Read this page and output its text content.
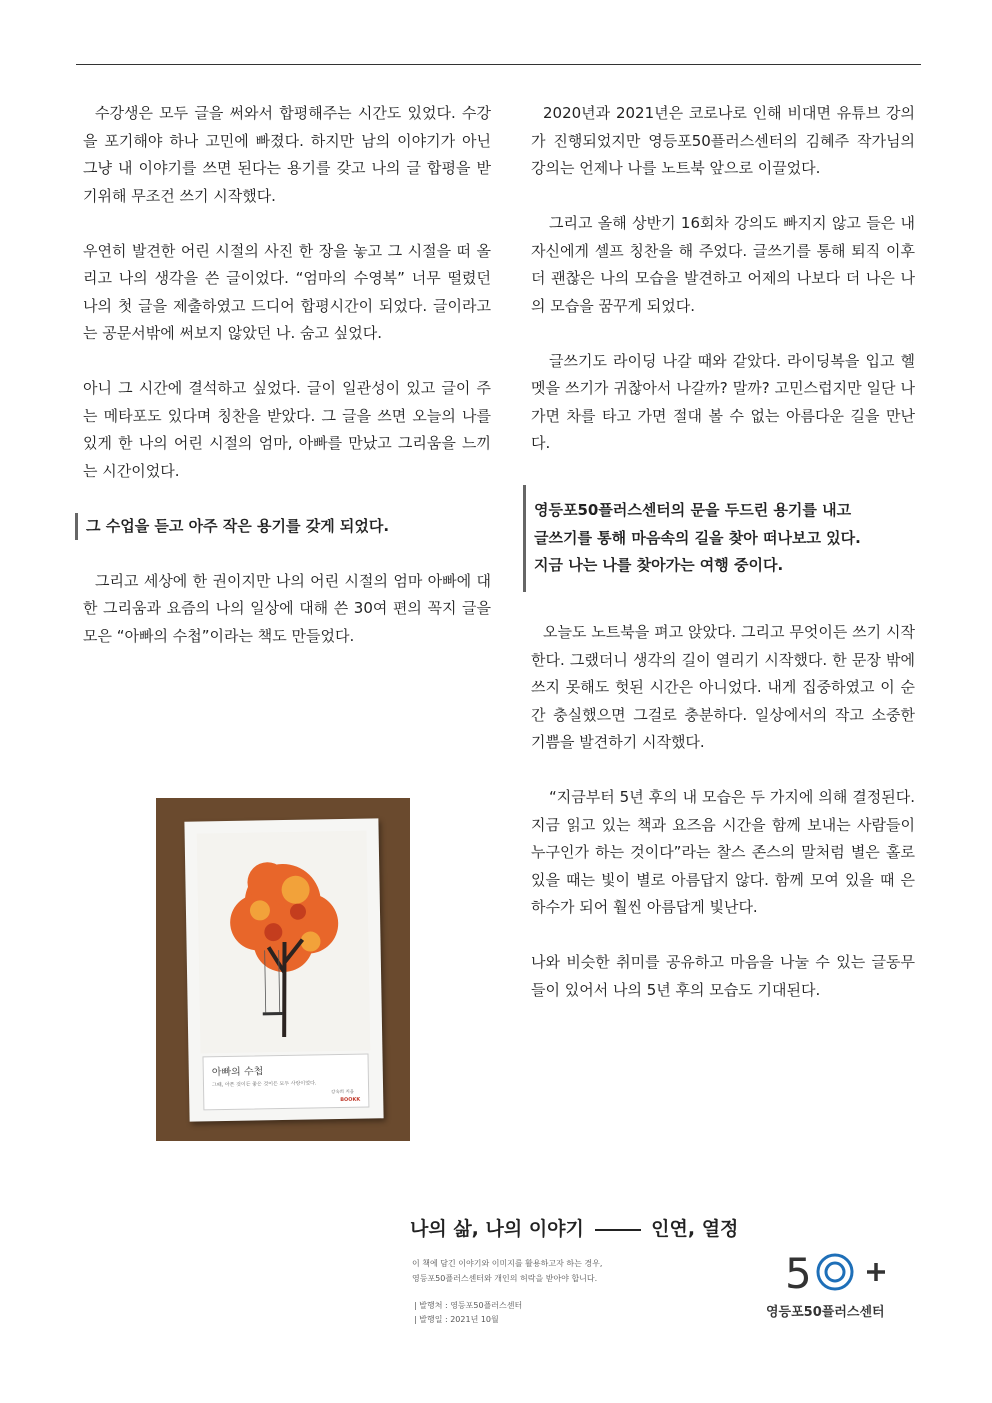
수강생은 모두 글을 써와서 합평해주는 시간도 있었다. 수강을 포기해야 하나 고민에 빠졌다. 하지만 남의 이야기가 아닌 그냥 내 이야기를 쓰면 된다는 용기를 갖고 나의 글 합평을 받기위해 무조건 쓰기 시작했다.

우연히 발견한 어린 시절의 사진 한 장을 놓고 그 시절을 떠 올리고 나의 생각을 쓴 글이었다. “엄마의 수영복” 너무 떨렸던 나의 첫 글을 제출하였고 드디어 합평시간이 되었다. 글이라고는 공문서밖에 써보지 않았던 나. 숨고 싶었다.

아니 그 시간에 결석하고 싶었다. 글이 일관성이 있고 글이 주는 메타포도 있다며 칭찬을 받았다. 그 글을 쓰면 오늘의 나를 있게 한 나의 어린 시절의 엄마, 아빠를 만났고 그리움을 느끼는 시간이었다.

그 수업을 듣고 아주 작은 용기를 갖게 되었다.

그리고 세상에 한 권이지만 나의 어린 시절의 엄마 아빠에 대한 그리움과 요즘의 나의 일상에 대해 쓴 30여 편의 꼭지 글을 모은 “아빠의 수첩”이라는 책도 만들었다.

아빠의 수첩
그때, 아픈 것이든 좋은 것이든 모두 사랑이었다.
강숙희 지음
BOOKK

2020년과 2021년은 코로나로 인해 비대면 유튜브 강의가 진행되었지만 영등포50플러스센터의 김혜주 작가님의 강의는 언제나 나를 노트북 앞으로 이끌었다.

그리고 올해 상반기 16회차 강의도 빠지지 않고 들은 내 자신에게 셀프 칭찬을 해 주었다. 글쓰기를 통해 퇴직 이후 더 괜찮은 나의 모습을 발견하고 어제의 나보다 더 나은 나의 모습을 꿈꾸게 되었다.

글쓰기도 라이딩 나갈 때와 같았다. 라이딩복을 입고 헬멧을 쓰기가 귀찮아서 나갈까? 말까? 고민스럽지만 일단 나가면 차를 타고 가면 절대 볼 수 없는 아름다운 길을 만난다.

영등포50플러스센터의 문을 두드린 용기를 내고
글쓰기를 통해 마음속의 길을 찾아 떠나보고 있다.
지금 나는 나를 찾아가는 여행 중이다.

오늘도 노트북을 펴고 앉았다. 그리고 무엇이든 쓰기 시작한다. 그랬더니 생각의 길이 열리기 시작했다. 한 문장 밖에 쓰지 못해도 헛된 시간은 아니었다. 내게 집중하였고 이 순간 충실했으면 그걸로 충분하다. 일상에서의 작고 소중한 기쁨을 발견하기 시작했다.

“지금부터 5년 후의 내 모습은 두 가지에 의해 결정된다. 지금 읽고 있는 책과 요즈음 시간을 함께 보내는 사람들이 누구인가 하는 것이다”라는 찰스 존스의 말처럼 별은 홀로 있을 때는 빛이 별로 아름답지 않다. 함께 모여 있을 때 은하수가 되어 훨씬 아름답게 빛난다.

나와 비슷한 취미를 공유하고 마음을 나눌 수 있는 글동무들이 있어서 나의 5년 후의 모습도 기대된다.

나의 삶, 나의 이야기	인연, 열정
이 책에 담긴 이야기와 이미지를 활용하고자 하는 경우,
영등포50플러스센터와 개인의 허락을 받아야 합니다.
| 발행처 : 영등포50플러스센터
| 발행일 : 2021년 10월
5
영등포50플러스센터
